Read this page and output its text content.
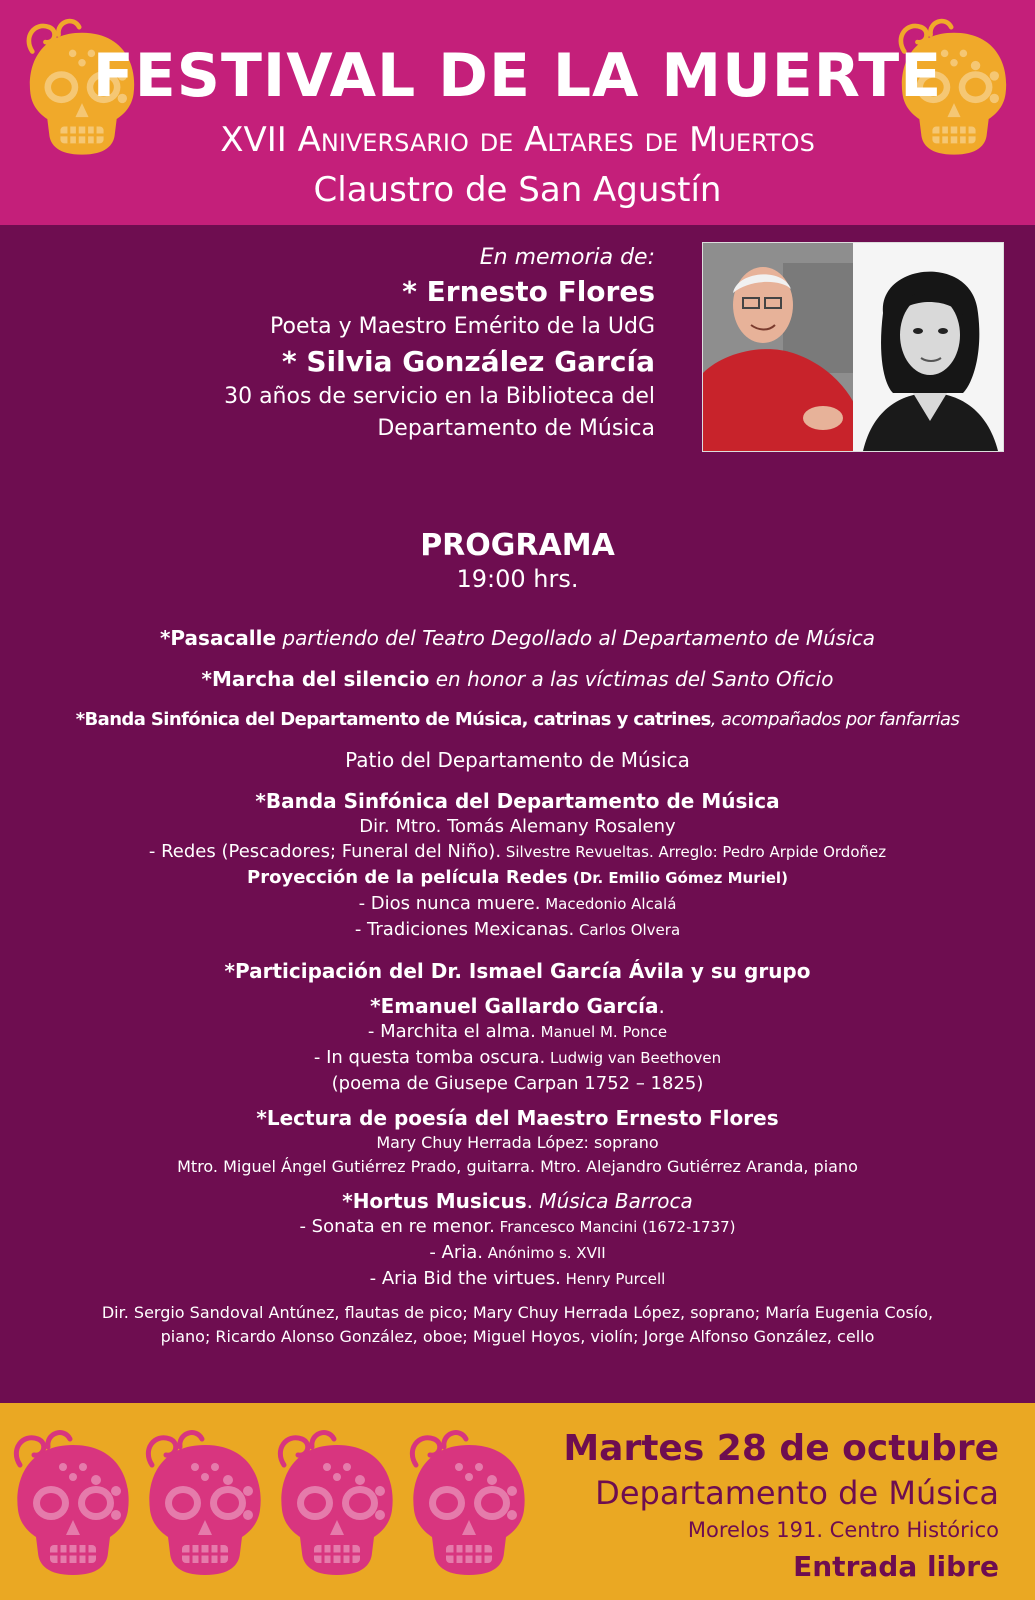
FESTIVAL DE LA MUERTE
XVII Aniversario de Altares de Muertos
Claustro de San Agustín
En memoria de:
* Ernesto Flores
Poeta y Maestro Emérito de la UdG
* Silvia González García
30 años de servicio en la Biblioteca del
Departamento de Música
PROGRAMA
19:00 hrs.
*Pasacalle partiendo del Teatro Degollado al Departamento de Música
*Marcha del silencio en honor a las víctimas del Santo Oficio
*Banda Sinfónica del Departamento de Música, catrinas y catrines, acompañados por fanfarrias
Patio del Departamento de Música
*Banda Sinfónica del Departamento de Música
Dir. Mtro. Tomás Alemany Rosaleny
- Redes (Pescadores; Funeral del Niño). Silvestre Revueltas. Arreglo: Pedro Arpide Ordoñez
Proyección de la película Redes (Dr. Emilio Gómez Muriel)
- Dios nunca muere. Macedonio Alcalá
- Tradiciones Mexicanas. Carlos Olvera
*Participación del Dr. Ismael García Ávila y su grupo
*Emanuel Gallardo García.
- Marchita el alma. Manuel M. Ponce
- In questa tomba oscura. Ludwig van Beethoven
(poema de Giusepe Carpan 1752 – 1825)
*Lectura de poesía del Maestro Ernesto Flores
Mary Chuy Herrada López: soprano
Mtro. Miguel Ángel Gutiérrez Prado, guitarra. Mtro. Alejandro Gutiérrez Aranda, piano
*Hortus Musicus. Música Barroca
- Sonata en re menor. Francesco Mancini (1672-1737)
- Aria. Anónimo s. XVII
- Aria Bid the virtues. Henry Purcell
Dir. Sergio Sandoval Antúnez, flautas de pico; Mary Chuy Herrada López, soprano; María Eugenia Cosío,
piano; Ricardo Alonso González, oboe; Miguel Hoyos, violín; Jorge Alfonso González, cello
Martes 28 de octubre
Departamento de Música
Morelos 191. Centro Histórico
Entrada libre
